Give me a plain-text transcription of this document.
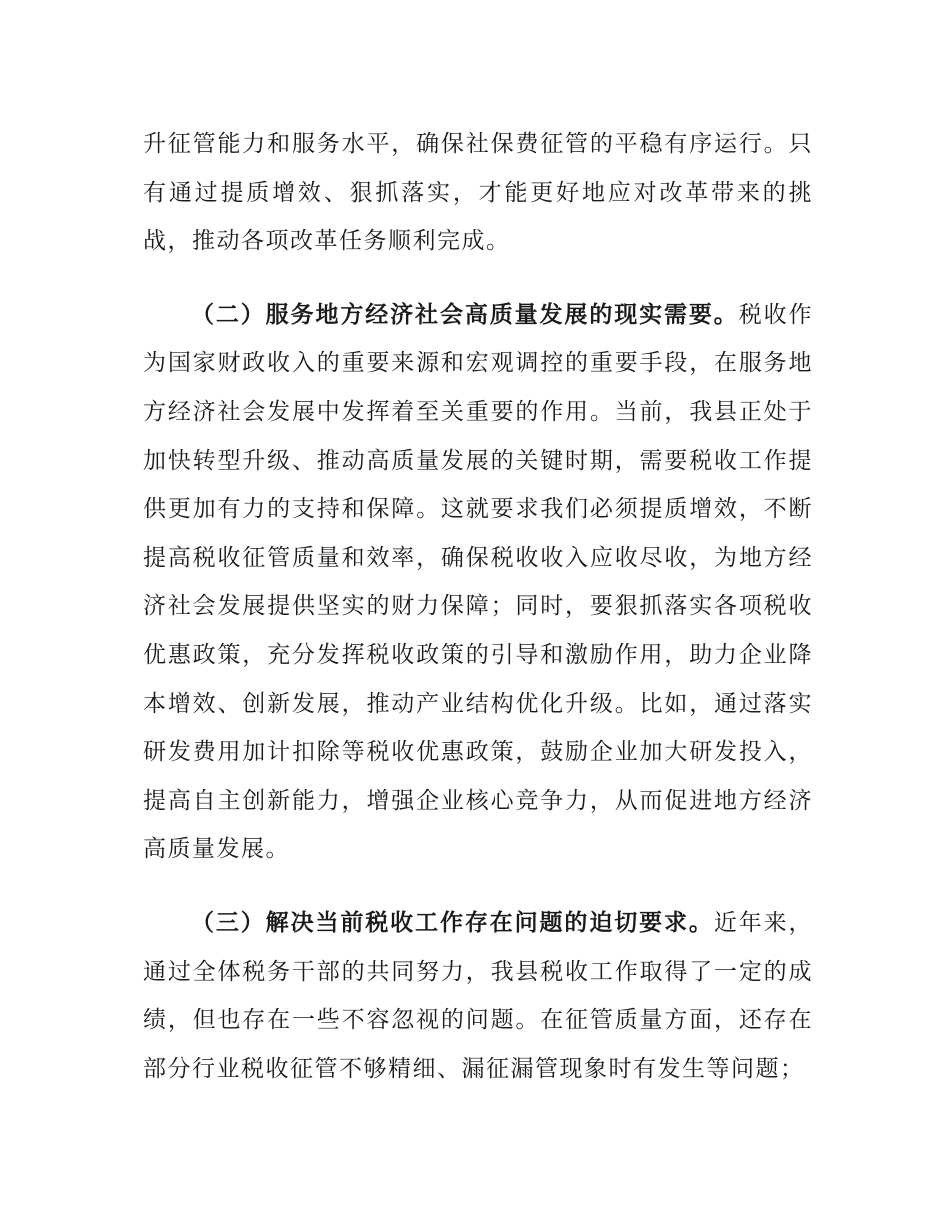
升征管能力和服务水平，确保社保费征管的平稳有序运行。只有通过提质增效、狠抓落实，才能更好地应对改革带来的挑战，推动各项改革任务顺利完成。

（二）服务地方经济社会高质量发展的现实需要。税收作为国家财政收入的重要来源和宏观调控的重要手段，在服务地方经济社会发展中发挥着至关重要的作用。当前，我县正处于加快转型升级、推动高质量发展的关键时期，需要税收工作提供更加有力的支持和保障。这就要求我们必须提质增效，不断提高税收征管质量和效率，确保税收收入应收尽收，为地方经济社会发展提供坚实的财力保障；同时，要狠抓落实各项税收优惠政策，充分发挥税收政策的引导和激励作用，助力企业降本增效、创新发展，推动产业结构优化升级。比如，通过落实研发费用加计扣除等税收优惠政策，鼓励企业加大研发投入，提高自主创新能力，增强企业核心竞争力，从而促进地方经济高质量发展。

（三）解决当前税收工作存在问题的迫切要求。近年来，通过全体税务干部的共同努力，我县税收工作取得了一定的成绩，但也存在一些不容忽视的问题。在征管质量方面，还存在部分行业税收征管不够精细、漏征漏管现象时有发生等问题；
